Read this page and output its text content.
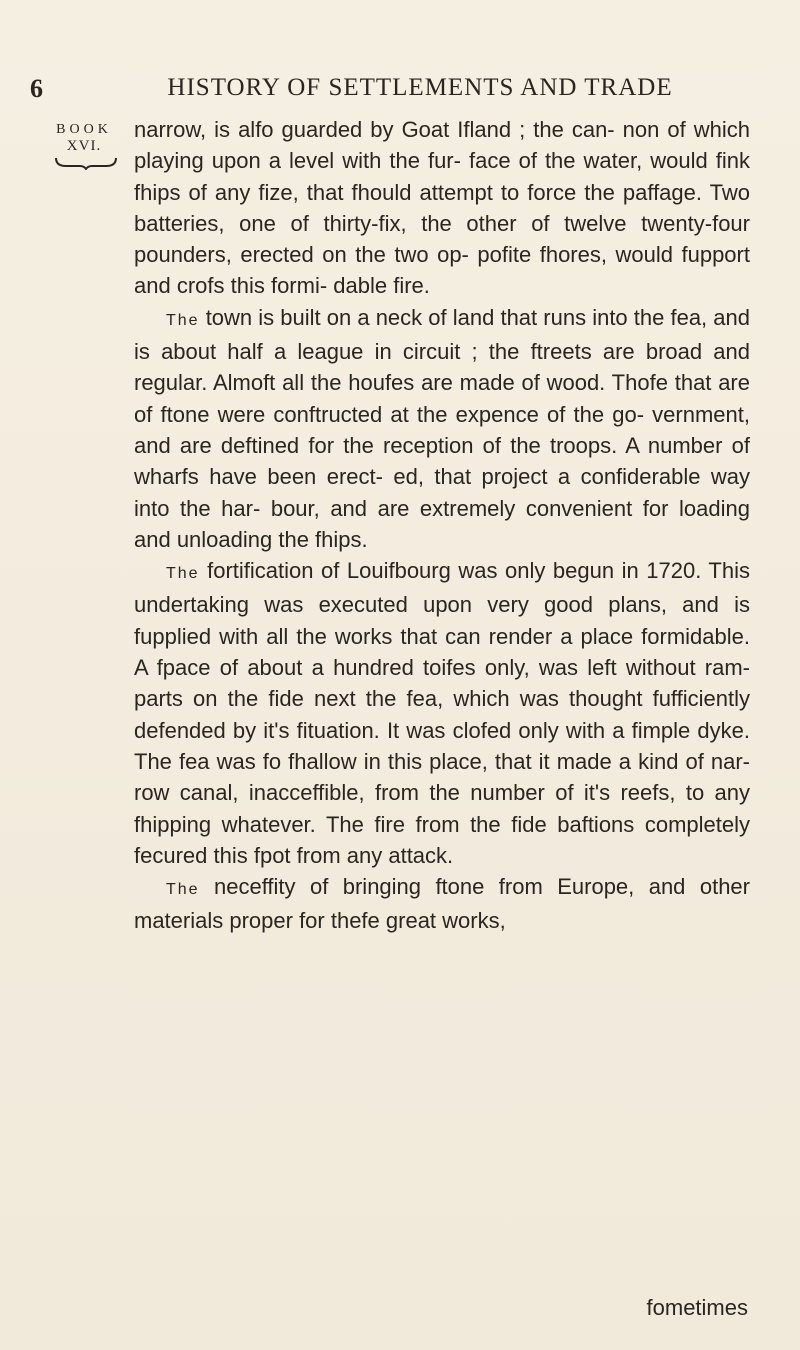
6	HISTORY OF SETTLEMENTS AND TRADE
BOOK
XVI.

narrow, is alfo guarded by Goat Ifland ; the can- non of which playing upon a level with the fur- face of the water, would fink fhips of any fize, that fhould attempt to force the paffage. Two batteries, one of thirty-fix, the other of twelve twenty-four pounders, erected on the two op- pofite fhores, would fupport and crofs this formi- dable fire.

The town is built on a neck of land that runs into the fea, and is about half a league in circuit ; the ftreets are broad and regular. Almoft all the houfes are made of wood. Thofe that are of ftone were conftructed at the expence of the go- vernment, and are deftined for the reception of the troops. A number of wharfs have been erect- ed, that project a confiderable way into the har- bour, and are extremely convenient for loading and unloading the fhips.

The fortification of Louifbourg was only begun in 1720. This undertaking was executed upon very good plans, and is fupplied with all the works that can render a place formidable. A fpace of about a hundred toifes only, was left without ram- parts on the fide next the fea, which was thought fufficiently defended by it's fituation. It was clofed only with a fimple dyke. The fea was fo fhallow in this place, that it made a kind of nar- row canal, inacceffible, from the number of it's reefs, to any fhipping whatever. The fire from the fide baftions completely fecured this fpot from any attack.

The neceffity of bringing ftone from Europe, and other materials proper for thefe great works,

fometimes
